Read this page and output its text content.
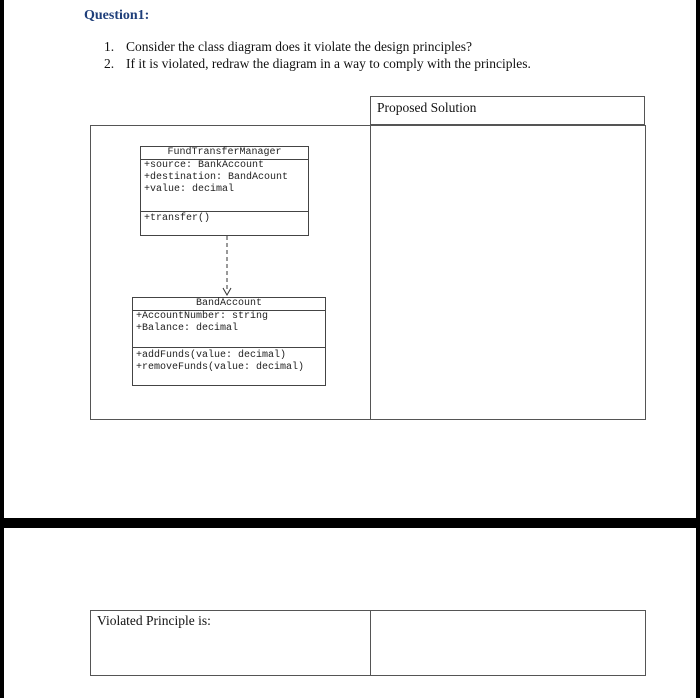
Question1:
1. Consider the class diagram does it violate the design principles?
2. If it is violated, redraw the diagram in a way to comply with the principles.
Proposed Solution
FundTransferManager
+source: BankAccount
+destination: BandAcount
+value: decimal
+transfer()
BandAccount
+AccountNumber: string
+Balance: decimal
+addFunds(value: decimal)
+removeFunds(value: decimal)
Violated Principle is:
